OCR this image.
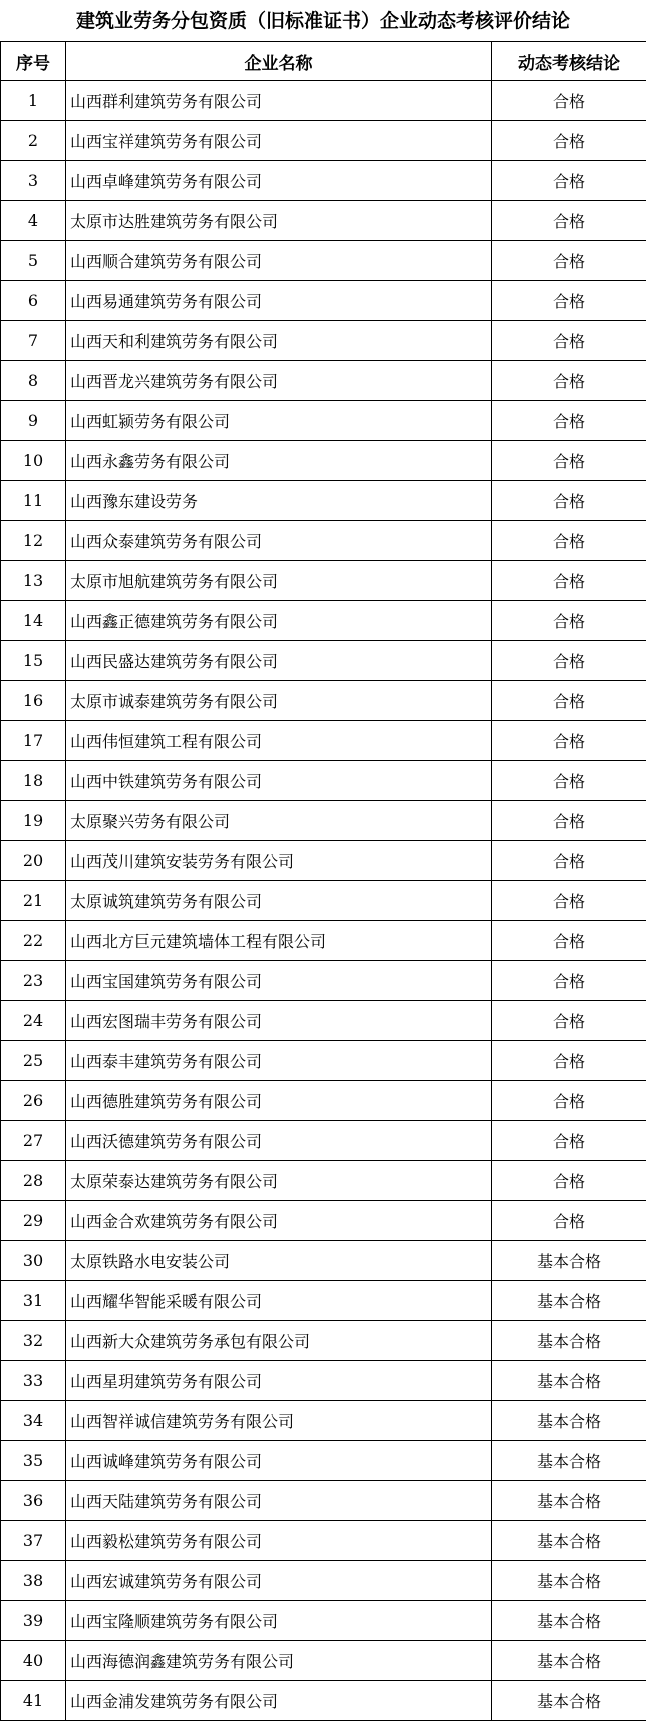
建筑业劳务分包资质（旧标准证书）企业动态考核评价结论
序号	企业名称	动态考核结论
1	山西群利建筑劳务有限公司	合格
2	山西宝祥建筑劳务有限公司	合格
3	山西卓峰建筑劳务有限公司	合格
4	太原市达胜建筑劳务有限公司	合格
5	山西顺合建筑劳务有限公司	合格
6	山西易通建筑劳务有限公司	合格
7	山西天和利建筑劳务有限公司	合格
8	山西晋龙兴建筑劳务有限公司	合格
9	山西虹颍劳务有限公司	合格
10	山西永鑫劳务有限公司	合格
11	山西豫东建设劳务	合格
12	山西众泰建筑劳务有限公司	合格
13	太原市旭航建筑劳务有限公司	合格
14	山西鑫正德建筑劳务有限公司	合格
15	山西民盛达建筑劳务有限公司	合格
16	太原市诚泰建筑劳务有限公司	合格
17	山西伟恒建筑工程有限公司	合格
18	山西中铁建筑劳务有限公司	合格
19	太原聚兴劳务有限公司	合格
20	山西茂川建筑安装劳务有限公司	合格
21	太原诚筑建筑劳务有限公司	合格
22	山西北方巨元建筑墙体工程有限公司	合格
23	山西宝国建筑劳务有限公司	合格
24	山西宏图瑞丰劳务有限公司	合格
25	山西泰丰建筑劳务有限公司	合格
26	山西德胜建筑劳务有限公司	合格
27	山西沃德建筑劳务有限公司	合格
28	太原荣泰达建筑劳务有限公司	合格
29	山西金合欢建筑劳务有限公司	合格
30	太原铁路水电安装公司	基本合格
31	山西耀华智能采暖有限公司	基本合格
32	山西新大众建筑劳务承包有限公司	基本合格
33	山西星玥建筑劳务有限公司	基本合格
34	山西智祥诚信建筑劳务有限公司	基本合格
35	山西诚峰建筑劳务有限公司	基本合格
36	山西天陆建筑劳务有限公司	基本合格
37	山西毅松建筑劳务有限公司	基本合格
38	山西宏诚建筑劳务有限公司	基本合格
39	山西宝隆顺建筑劳务有限公司	基本合格
40	山西海德润鑫建筑劳务有限公司	基本合格
41	山西金浦发建筑劳务有限公司	基本合格
